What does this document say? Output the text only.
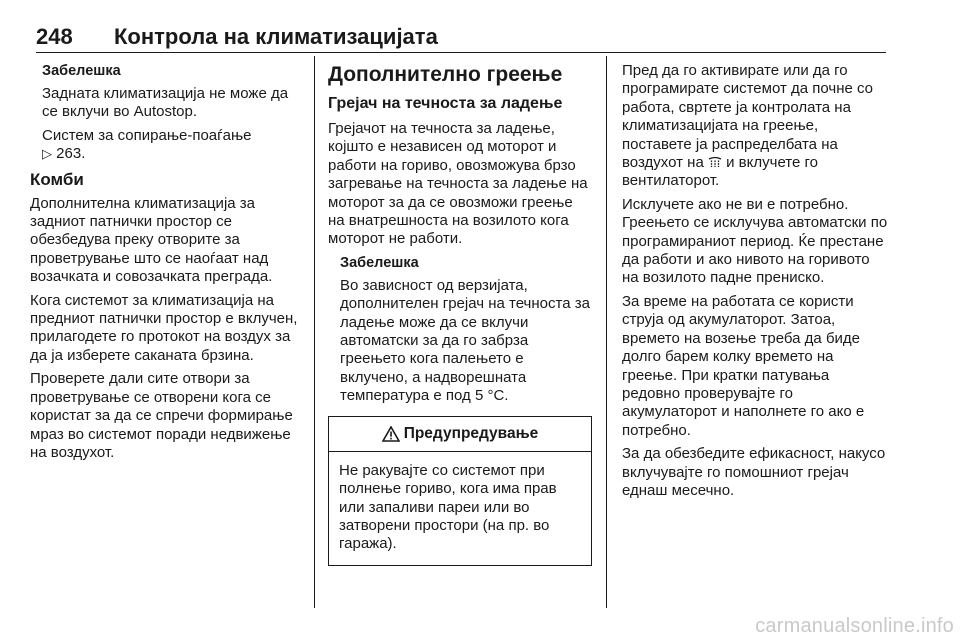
248 Контрола на климатизацијата

Забелешка

Задната климатизација не може да се вклучи во Autostop.

Систем за сопирање-поаѓање
▷ 263.

Комби

Дополнителна климатизација за задниот патнички простор се обезбедува преку отворите за проветрување што се наоѓаат над возачката и совозачката преграда.

Кога системот за климатизација на предниот патнички простор е вклучен, прилагодете го протокот на воздух за да ја изберете саканата брзина.

Проверете дали сите отвори за проветрување се отворени кога се користат за да се спречи формирање мраз во системот поради недвижење на воздухот.

Дополнително греење
Грејач на течноста за ладење

Грејачот на течноста за ладење, којшто е независен од моторот и работи на гориво, овозможува брзо загревање на течноста за ладење на моторот за да се овозможи греење на внатрешноста на возилото кога моторот не работи.

Забелешка

Во зависност од верзијата, дополнителен грејач на течноста за ладење може да се вклучи автоматски за да го забрза греењето кога палењето е вклучено, а надворешната температура е под 5 °C.

Предупредување

Не ракувајте со системот при полнење гориво, кога има прав или запаливи пареи или во затворени простори (на пр. во гаража).

Пред да го активирате или да го програмирате системот да почне со работа, свртете ја контролата на климатизацијата на греење, поставете ја распределбата на воздухот на и вклучете го вентилаторот.

Исклучете ако не ви е потребно. Греењето се исклучува автоматски по програмираниот период. Ќе престане да работи и ако нивото на горивото на возилото падне прениско.

За време на работата се користи струја од акумулаторот. Затоа, времето на возење треба да биде долго барем колку времето на греење. При кратки патувања редовно проверувајте го акумулаторот и наполнете го ако е потребно.

За да обезбедите ефикасност, накусо вклучувајте го помошниот грејач еднаш месечно.

carmanualsonline.info
